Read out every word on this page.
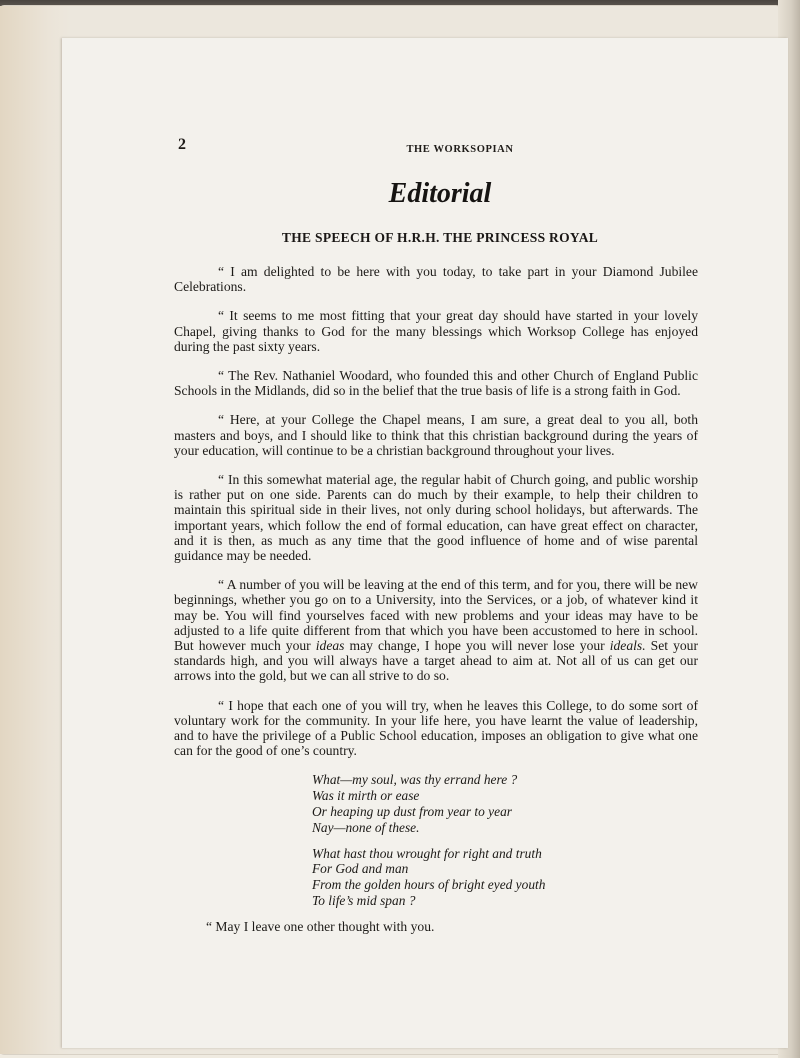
2	THE WORKSOPIAN
Editorial
THE SPEECH OF H.R.H. THE PRINCESS ROYAL

“ I am delighted to be here with you today, to take part in your Diamond Jubilee Celebrations.

“ It seems to me most fitting that your great day should have started in your lovely Chapel, giving thanks to God for the many blessings which Worksop College has enjoyed during the past sixty years.

“ The Rev. Nathaniel Woodard, who founded this and other Church of England Public Schools in the Midlands, did so in the belief that the true basis of life is a strong faith in God.

“ Here, at your College the Chapel means, I am sure, a great deal to you all, both masters and boys, and I should like to think that this christian background during the years of your education, will continue to be a christian background throughout your lives.

“ In this somewhat material age, the regular habit of Church going, and public worship is rather put on one side. Parents can do much by their example, to help their children to maintain this spiritual side in their lives, not only during school holidays, but afterwards. The important years, which follow the end of formal education, can have great effect on character, and it is then, as much as any time that the good influence of home and of wise parental guidance may be needed.

“ A number of you will be leaving at the end of this term, and for you, there will be new beginnings, whether you go on to a University, into the Services, or a job, of whatever kind it may be. You will find yourselves faced with new problems and your ideas may have to be adjusted to a life quite different from that which you have been accustomed to here in school. But however much your ideas may change, I hope you will never lose your ideals. Set your standards high, and you will always have a target ahead to aim at. Not all of us can get our arrows into the gold, but we can all strive to do so.

“ I hope that each one of you will try, when he leaves this College, to do some sort of voluntary work for the community. In your life here, you have learnt the value of leadership, and to have the privilege of a Public School education, imposes an obligation to give what one can for the good of one’s country.

What—my soul, was thy errand here ?
Was it mirth or ease
Or heaping up dust from year to year
Nay—none of these.
What hast thou wrought for right and truth
For God and man
From the golden hours of bright eyed youth
To life’s mid span ?

“ May I leave one other thought with you.
